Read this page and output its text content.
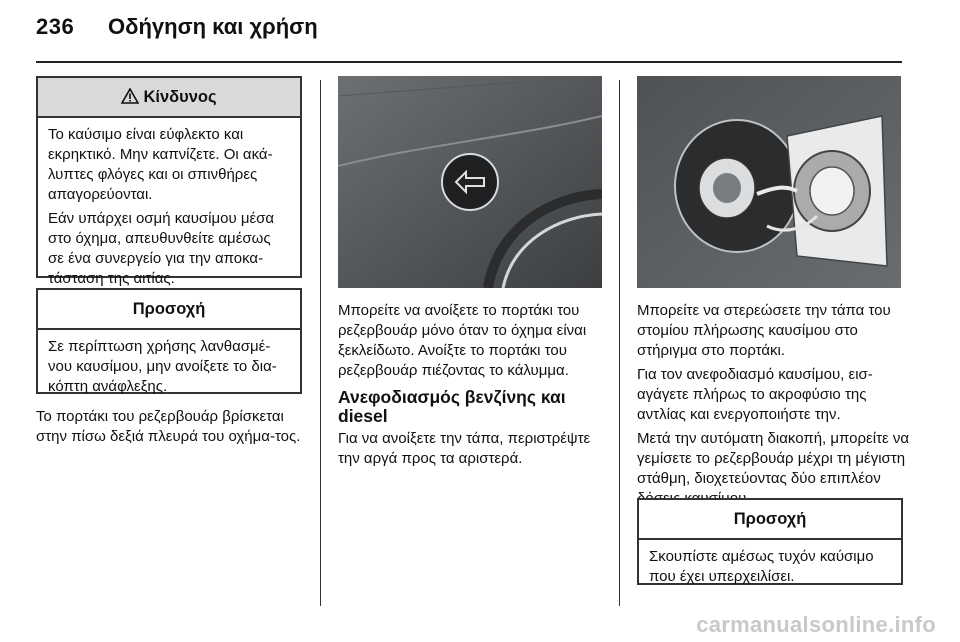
236 Οδήγηση και χρήση
Κίνδυνος

Το καύσιμο είναι εύφλεκτο και εκρηκτικό. Μην καπνίζετε. Οι ακά-λυπτες φλόγες και οι σπινθήρες απαγορεύονται.

Εάν υπάρχει οσμή καυσίμου μέσα στο όχημα, απευθυνθείτε αμέσως σε ένα συνεργείο για την αποκα-τάσταση της αιτίας.

Προσοχή

Σε περίπτωση χρήσης λανθασμέ-νου καυσίμου, μην ανοίξετε το δια-κόπτη ανάφλεξης.

Το πορτάκι του ρεζερβουάρ βρίσκεται στην πίσω δεξιά πλευρά του οχήμα-τος.

Μπορείτε να ανοίξετε το πορτάκι του ρεζερβουάρ μόνο όταν το όχημα είναι ξεκλείδωτο. Ανοίξτε το πορτάκι του ρεζερβουάρ πιέζοντας το κάλυμμα.

Ανεφοδιασμός βενζίνης και diesel

Για να ανοίξετε την τάπα, περιστρέψτε την αργά προς τα αριστερά.

Μπορείτε να στερεώσετε την τάπα του στομίου πλήρωσης καυσίμου στο στήριγμα στο πορτάκι.

Για τον ανεφοδιασμό καυσίμου, εισ-αγάγετε πλήρως το ακροφύσιο της αντλίας και ενεργοποιήστε την.

Μετά την αυτόματη διακοπή, μπορείτε να γεμίσετε το ρεζερβουάρ μέχρι τη μέγιστη στάθμη, διοχετεύοντας δύο επιπλέον

Προσοχή

Σκουπίστε αμέσως τυχόν καύσιμο που έχει υπερχειλίσει.

carmanualsonline.info
